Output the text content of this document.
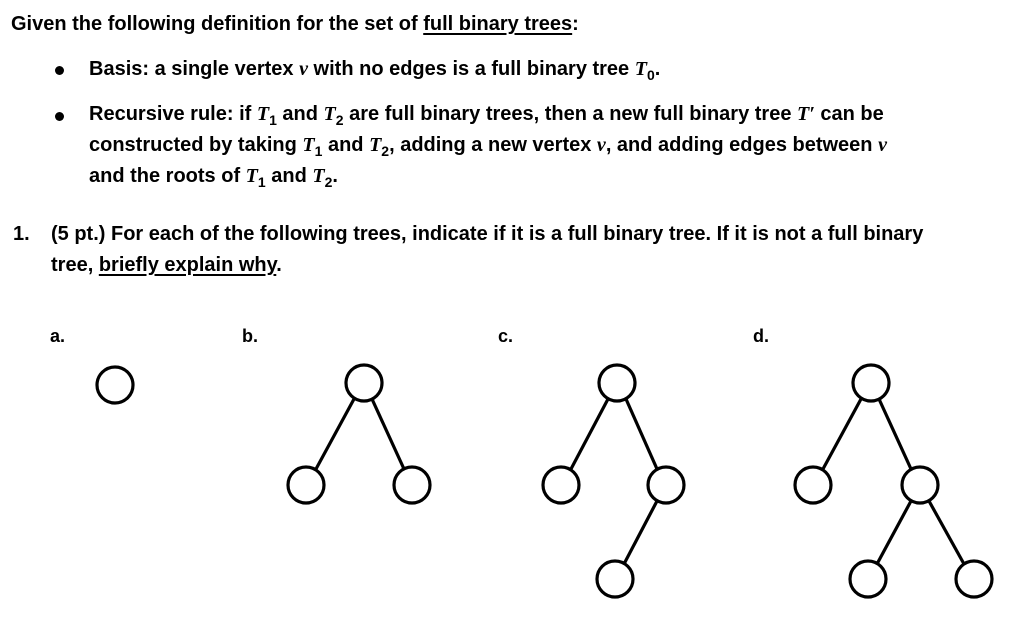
Given the following definition for the set of full binary trees:

Basis: a single vertex v with no edges is a full binary tree $T_0$.

Recursive rule: if $T_1$ and $T_2$ are full binary trees, then a new full binary tree T′ can be
constructed by taking $T_1$ and $T_2$, adding a new vertex v, and adding edges between v
and the roots of $T_1$ and $T_2$.

1. (5 pt.) For each of the following trees, indicate if it is a full binary tree. If it is not a full binary
tree, briefly explain why.

a.	b.	c.	d.
